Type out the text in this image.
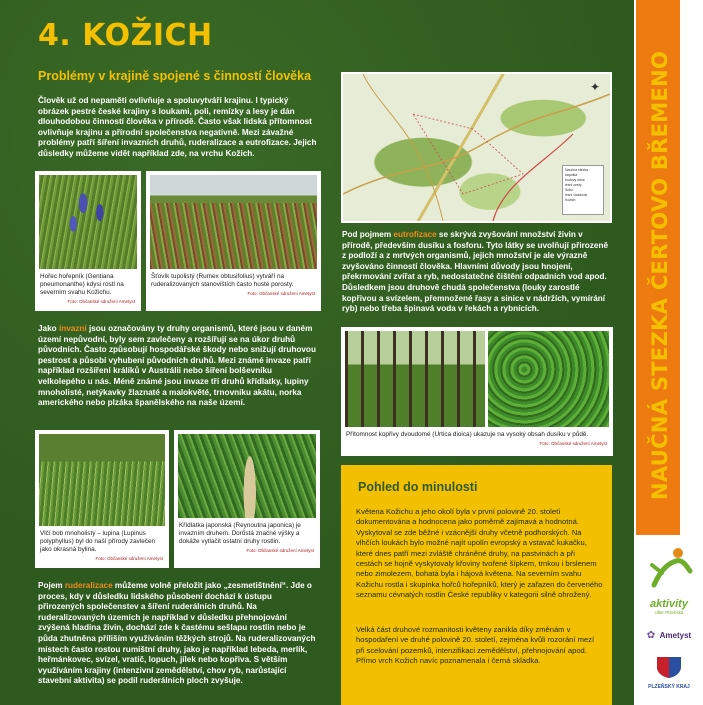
4. KOŽICH
Problémy v krajině spojené s činností člověka
Člověk už od nepaměti ovlivňuje a spoluvytváří krajinu. I typický obrázek pestré české krajiny s loukami, poli, remízky a lesy je dán dlouhodobou činností člověka v přírodě. Často však lidská přítomnost ovlivňuje krajinu a přírodní společenstva negativně. Mezi závažné problémy patří šíření invazních druhů, ruderalizace a eutrofizace. Jejich důsledky můžeme vidět například zde, na vrchu Kožich.
Hořec hořepník (Gentiana pneumonanthe) kdysi rostl na severním svahu Kožichu.
Foto: Občanské sdružení Ametyst
Šťovík tupolistý (Rumex obtusifolius) vytváří na ruderalizovaných stanovištích často husté porosty.
Foto: Občanské sdružení Ametyst
Jako invazní jsou označovány ty druhy organismů, které jsou v daném území nepůvodní, byly sem zavlečeny a rozšířují se na úkor druhů původních. Často způsobují hospodářské škody nebo snižují druhovou pestrost a působí vyhubení původních druhů. Mezi známé invaze patří například rozšíření králíků v Austrálii nebo šíření bolševníku velkolepého u nás. Méně známé jsou invaze tří druhů křídlatky, lupiny mnoholisté, netýkavky žlaznaté a malokvěté, trnovníku akátu, norka amerického nebo plzáka španělského na naše území.
Vlčí bob mnoholistý – lupina (Lupinus polyphyllus) byl do naší přírody zavlečen jako okrasná bylina.
Foto: Občanské sdružení Ametyst
Křídlatka japonská (Reynoutria japonica) je invazním druhem. Dorůstá značné výšky a dokáže vytlačit ostatní druhy rostlin.
Foto: Občanské sdružení Ametyst
Pojem ruderalizace můžeme volně přeložit jako „zesmetištnění“. Jde o proces, kdy v důsledku lidského působení dochází k ústupu přirozených společenstev a šíření ruderálních druhů. Na ruderalizovaných územích je například v důsledku přehnojování zvýšená hladina živin, dochází zde k častému sešlapu rostlin nebo je půda zhutněna příliším využíváním těžkých strojů. Na ruderalizovaných místech často rostou rumištní druhy, jako je například lebeda, merlík, heřmánkovec, svízel, vratič, lopuch, jílek nebo kopřiva. S větším využíváním krajiny (intenzivní zemědělství, chov ryb, narůstající stavební aktivita) se podíl ruderálních ploch zvyšuje.
✦
Naučná stezka
kapotka
budovy obce
lesní cesty
Sídlo
lesní vlastnost
Kožich
Pod pojmem eutrofizace se skrývá zvyšování množství živin v přírodě, především dusíku a fosforu. Tyto látky se uvolňují přirozeně z podloží a z mrtvých organismů, jejich množství je ale výrazně zvyšováno činností člověka. Hlavními důvody jsou hnojení, překrmování zvířat a ryb, nedostatečné čištění odpadních vod apod. Důsledkem jsou druhově chudá společenstva (louky zarostlé kopřivou a svízelem, přemnožené řasy a sinice v nádržích, vymírání ryb) nebo třeba špinavá voda v řekách a rybnících.
Přítomnost kopřivy dvoudomé (Urtica dioica) ukazuje na vysoký obsah dusíku v půdě.
Foto: Občanské sdružení Ametyst
Pohled do minulosti
Květena Kožichu a jeho okolí byla v první polovině 20. století dokumentována a hodnocena jako poměrně zajímavá a hodnotná. Vyskytoval se zde běžné i vzácnější druhy včetně podhorských. Na vlhčích loukách bylo možné najít upolín evropský a vstavač kukačku, které dnes patří mezi zvláště chráněné druhy, na pastvinách a při cestách se hojně vyskytovaly křoviny tvořené šípkem, trnkou i brslenem nebo zimolezem, bohatá byla i hájová květena. Na severním svahu Kožichu rostla i skupinka hořců hořepníků, který je zařazen do červeného seznamu cévnatých rostlin České republiky v kategorii silně ohrožený.
Velká část druhové rozmanitosti květeny zanikla díky změnám v hospodaření ve druhé polovině 20. století, zejména kvůli rozorání mezí při scelování pozemků, intenzifikaci zemědělství, přehnojování apod. Přímo vrch Kožich navíc poznamenala i černá skládka.
NAUČNÁ STEZKA ČERTOVO BŘEMENO Tento projekt je realizován za podpory Plzeňského kraje
aktivity
ciller Plzeňska
✿ Ametyst
PLZEŇSKÝ KRAJ
